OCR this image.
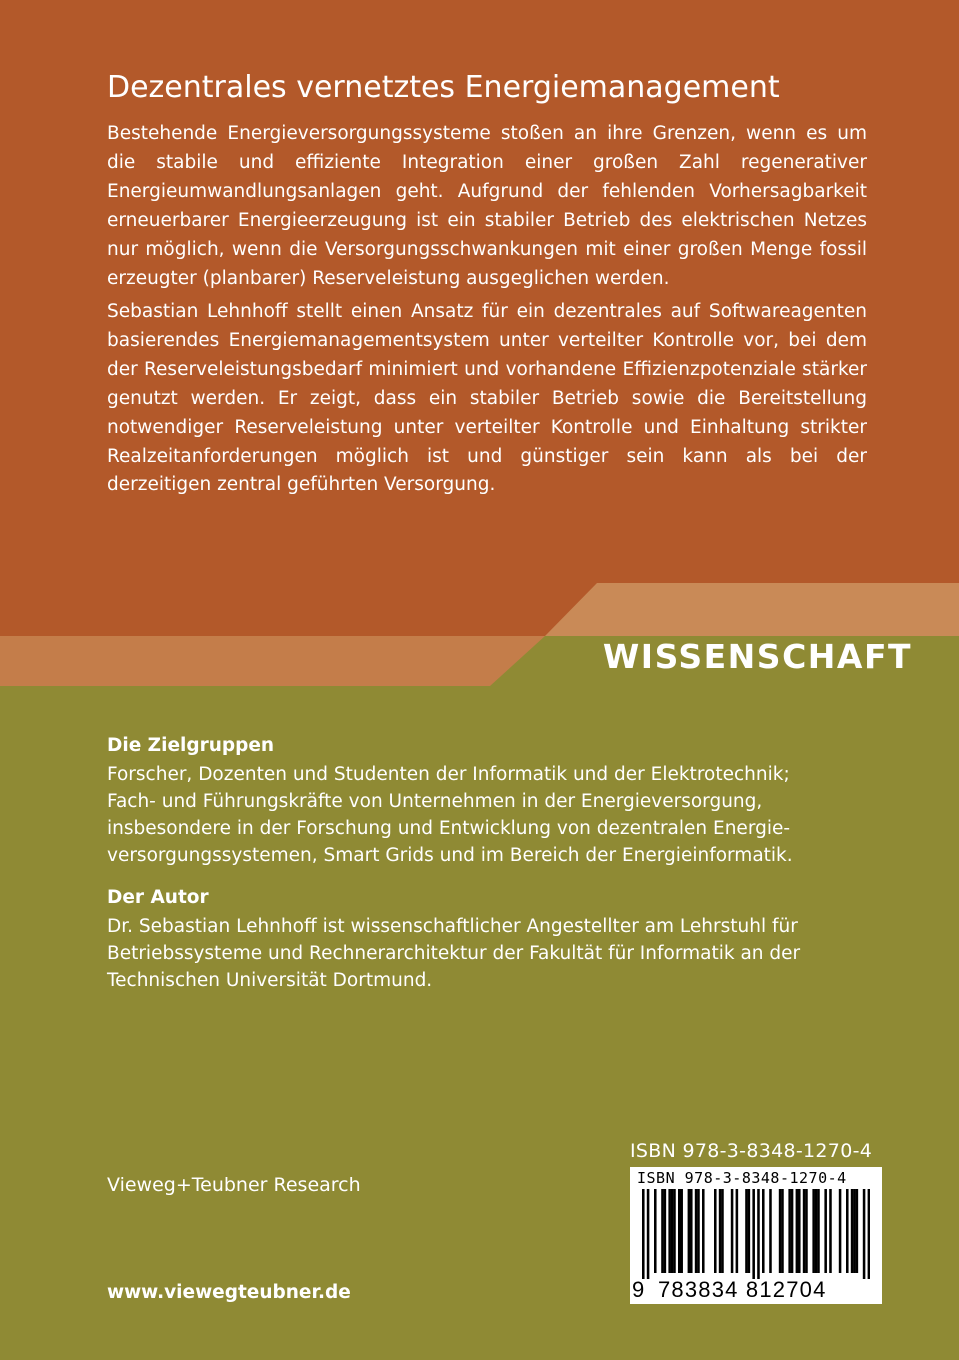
Dezentrales vernetztes Energiemanagement

Bestehende Energieversorgungssysteme stoßen an ihre Grenzen, wenn es um die stabile und effiziente Integration einer großen Zahl regenerativer Energieumwandlungsanlagen geht. Aufgrund der fehlenden Vorhersagbarkeit erneuerbarer Energieerzeugung ist ein stabiler Betrieb des elektrischen Netzes nur möglich, wenn die Versorgungsschwankungen mit einer großen Menge fossil erzeugter (planbarer) Reserveleistung ausgeglichen werden.

Sebastian Lehnhoff stellt einen Ansatz für ein dezentrales auf Softwareagenten basierendes Energiemanagementsystem unter verteilter Kontrolle vor, bei dem der Reserveleistungsbedarf minimiert und vorhandene Effizienzpotenziale stärker genutzt werden. Er zeigt, dass ein stabiler Betrieb sowie die Bereitstellung notwendiger Reserveleistung unter verteilter Kontrolle und Einhaltung strikter Realzeitanforderungen möglich ist und günstiger sein kann als bei der derzeitigen zentral geführten Versorgung.

WISSENSCHAFT

Die Zielgruppen
Forscher, Dozenten und Studenten der Informatik und der Elektrotechnik;
Fach- und Führungskräfte von Unternehmen in der Energieversorgung,
insbesondere in der Forschung und Entwicklung von dezentralen Energie-
versorgungssystemen, Smart Grids und im Bereich der Energieinformatik.
Der Autor
Dr. Sebastian Lehnhoff ist wissenschaftlicher Angestellter am Lehrstuhl für
Betriebssysteme und Rechnerarchitektur der Fakultät für Informatik an der
Technischen Universität Dortmund.

Vieweg+Teubner Research

www.viewegteubner.de

ISBN 978-3-8348-1270-4

ISBN 978-3-8348-1270-4

9 783834 812704
